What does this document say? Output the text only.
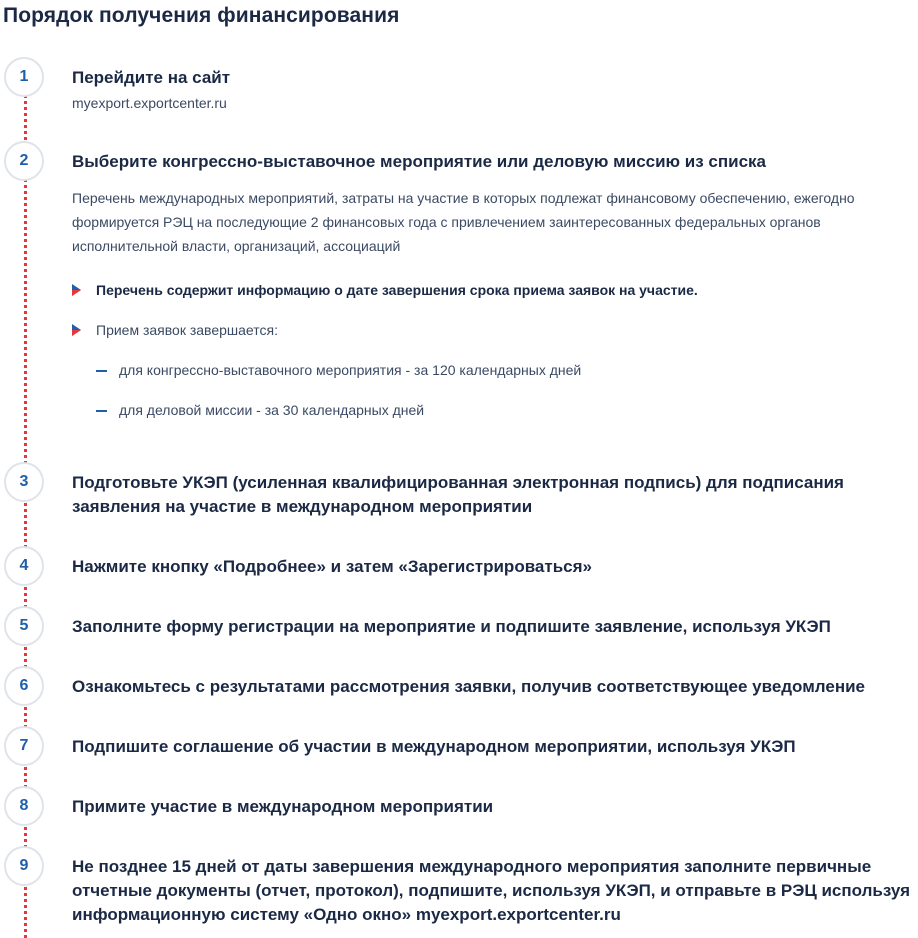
Порядок получения финансирования
1	Перейдите на сайт
myexport.exportcenter.ru
2	Выберите конгрессно-выставочное мероприятие или деловую миссию из списка

Перечень международных мероприятий, затраты на участие в которых подлежат финансовому обеспечению, ежегодно формируется РЭЦ на последующие 2 финансовых года с привлечением заинтересованных федеральных органов исполнительной власти, организаций, ассоциаций

Перечень содержит информацию о дате завершения срока приема заявок на участие.
Прием заявок завершается:
для конгрессно-выставочного мероприятия - за 120 календарных дней
для деловой миссии - за 30 календарных дней
3	Подготовьте УКЭП (усиленная квалифицированная электронная подпись) для подписания заявления на участие в международном мероприятии
4	Нажмите кнопку «Подробнее» и затем «Зарегистрироваться»
5	Заполните форму регистрации на мероприятие и подпишите заявление, используя УКЭП
6	Ознакомьтесь с результатами рассмотрения заявки, получив соответствующее уведомление
7	Подпишите соглашение об участии в международном мероприятии, используя УКЭП
8	Примите участие в международном мероприятии
9	Не позднее 15 дней от даты завершения международного мероприятия заполните первичные отчетные документы (отчет, протокол), подпишите, используя УКЭП, и отправьте в РЭЦ используя информационную систему «Одно окно» myexport.exportcenter.ru
